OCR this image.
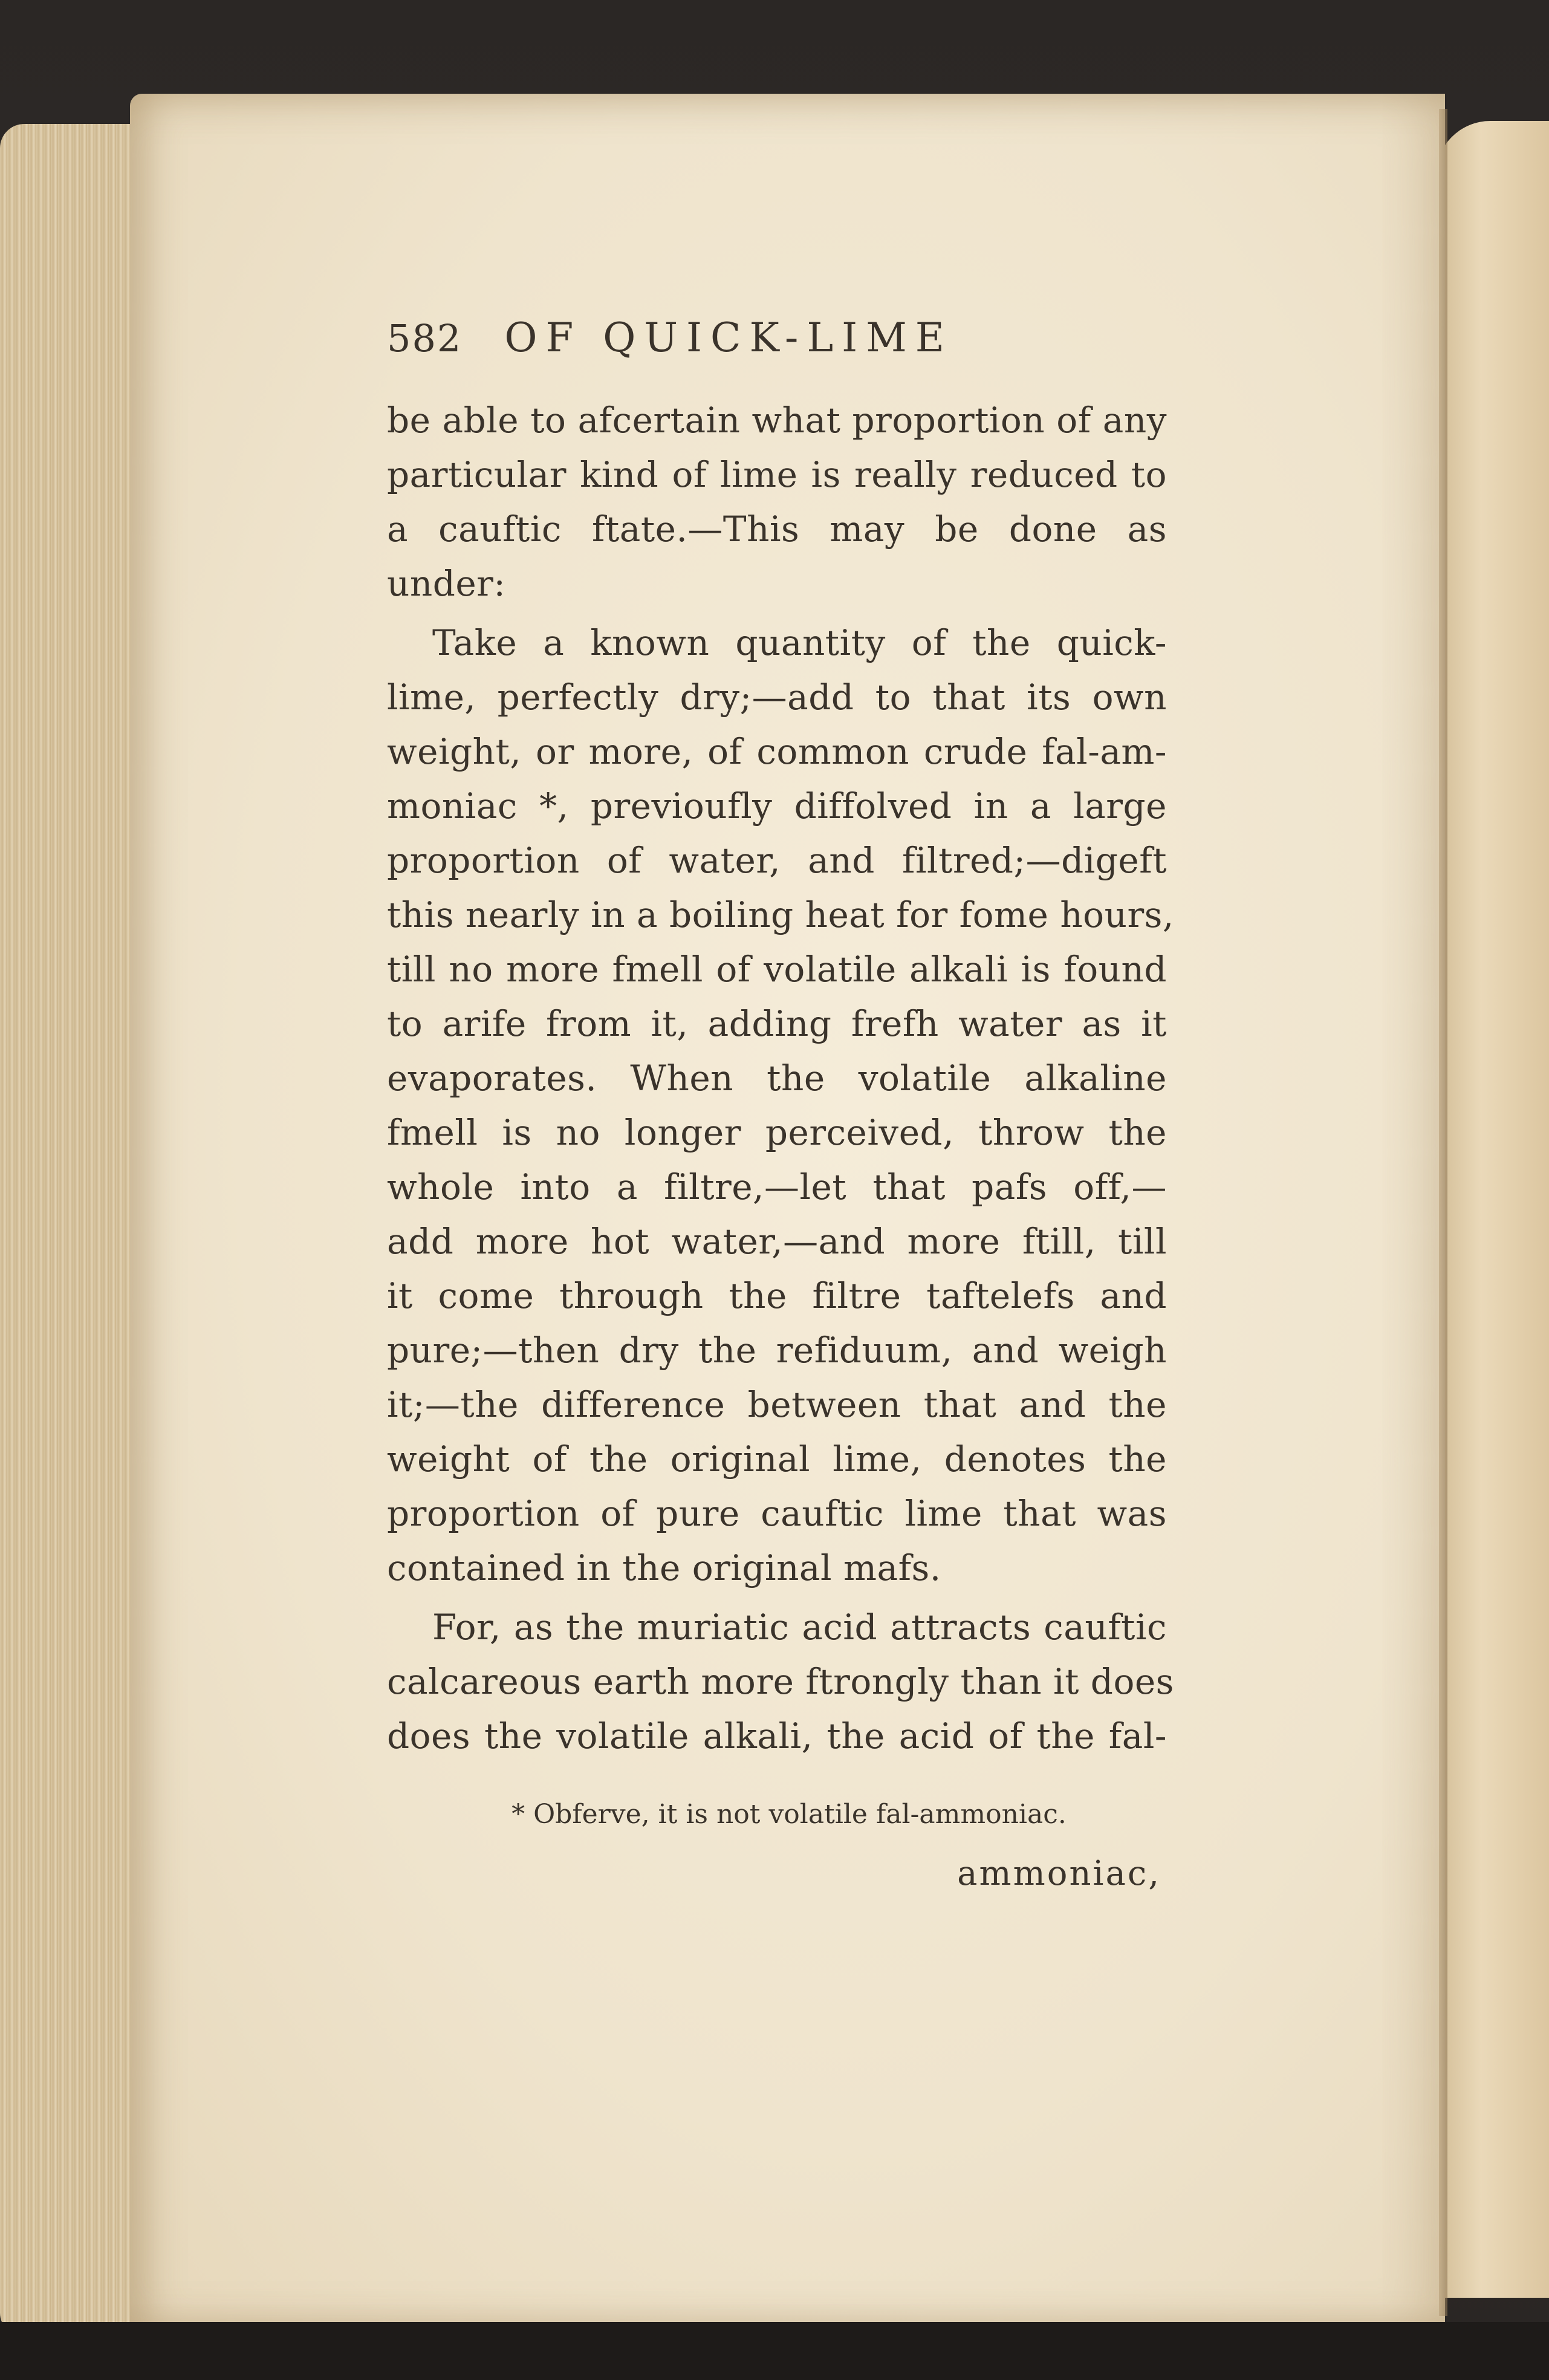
582 OF QUICK-LIME
be able to afcertain what proportion of any
particular kind of lime is really reduced to
a cauftic ftate.—This may be done as
under:
Take a known quantity of the quick-
lime, perfectly dry;—add to that its own
weight, or more, of common crude fal-am-
moniac *, previoufly diffolved in a large
proportion of water, and filtred;—digeft
this nearly in a boiling heat for fome hours,
till no more fmell of volatile alkali is found
to arife from it, adding frefh water as it
evaporates. When the volatile alkaline
fmell is no longer perceived, throw the
whole into a filtre,—let that pafs off,—
add more hot water,—and more ftill, till
it come through the filtre taftelefs and
pure;—then dry the refiduum, and weigh
it;—the difference between that and the
weight of the original lime, denotes the
proportion of pure cauftic lime that was
contained in the original mafs.
For, as the muriatic acid attracts cauftic
calcareous earth more ftrongly than it does
does the volatile alkali, the acid of the fal-
* Obferve, it is not volatile fal-ammoniac.
ammoniac,
